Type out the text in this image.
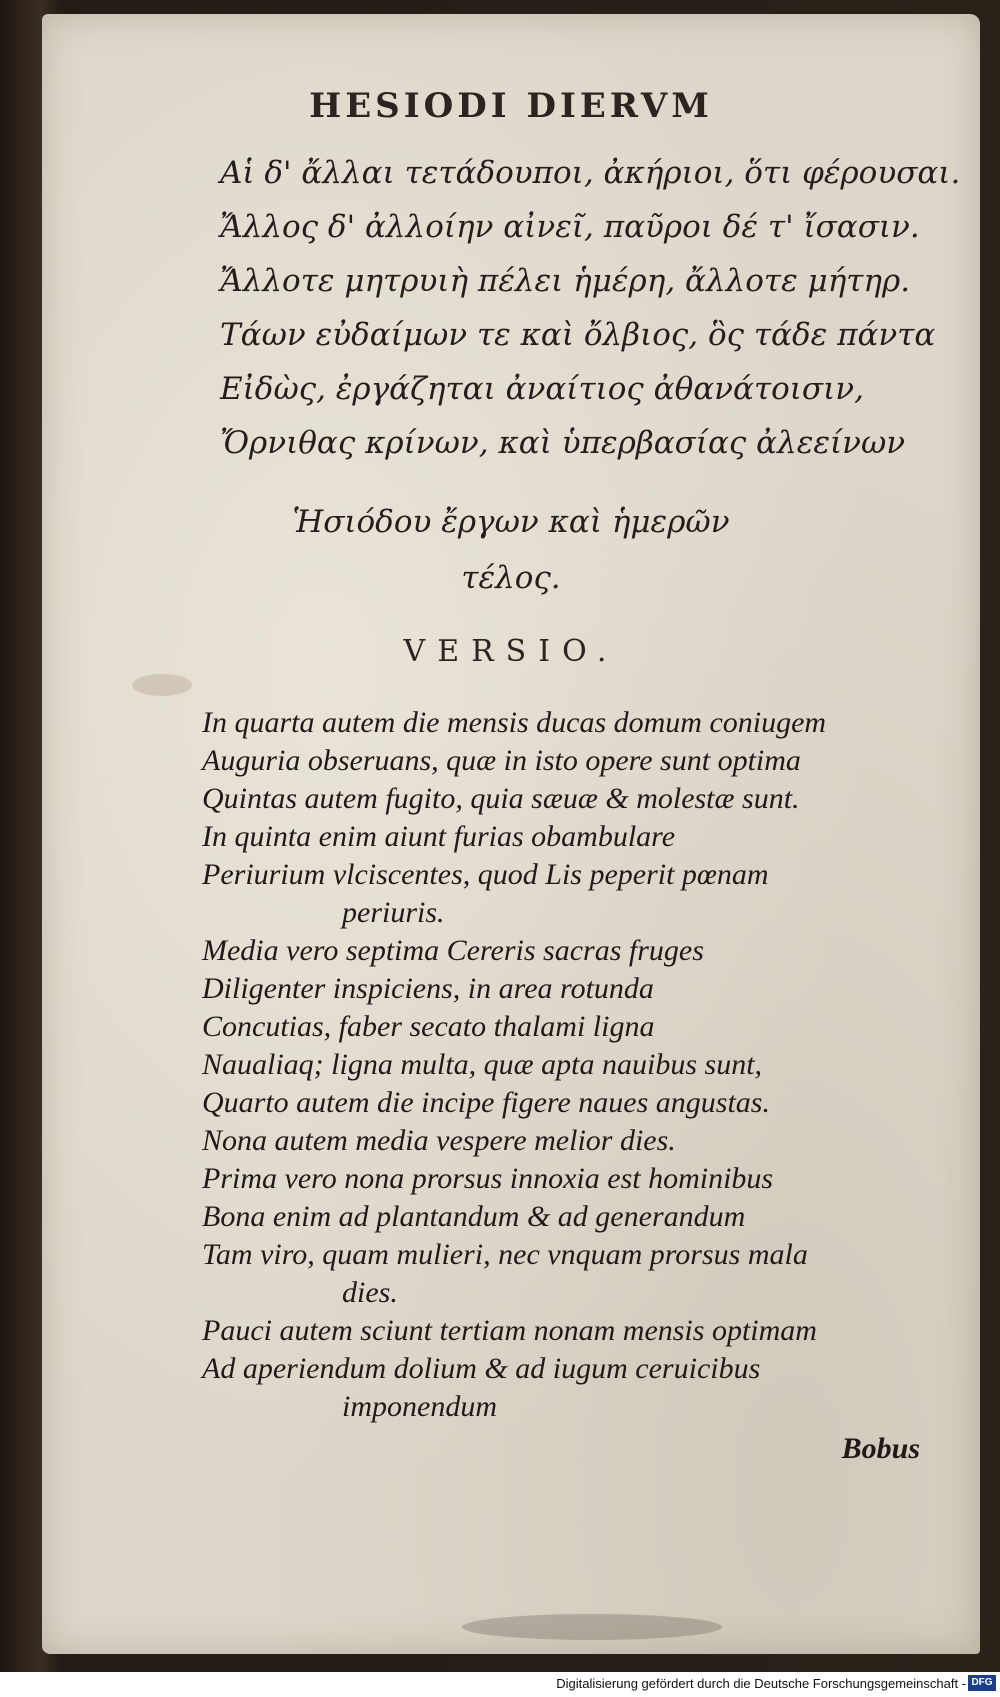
HESIODI DIERVM
Αἱ δ' ἄλλαι τετάδουποι, ἀκήριοι, ὅτι φέρουσαι.
Ἄλλος δ' ἀλλοίην αἰνεῖ, παῦροι δέ τ' ἴσασιν.
Ἄλλοτε μητρυιὴ πέλει ἡμέρη, ἄλλοτε μήτηρ.
Τάων εὐδαίμων τε καὶ ὄλβιος, ὃς τάδε πάντα
Εἰδὼς, ἐργάζηται ἀναίτιος ἀθανάτοισιν,
Ὄρνιθας κρίνων, καὶ ὑπερβασίας ἀλεείνων
Ἡσιόδου ἔργων καὶ ἡμερῶν
τέλος.
VERSIO.
In quarta autem die mensis ducas domum coniugem
Auguria obseruans, quæ in isto opere sunt optima
Quintas autem fugito, quia sæuæ & molestæ sunt.
In quinta enim aiunt furias obambulare
Periurium vlciscentes, quod Lis peperit pœnam
periuris.
Media vero septima Cereris sacras fruges
Diligenter inspiciens, in area rotunda
Concutias, faber secato thalami ligna
Naualiaq; ligna multa, quæ apta nauibus sunt,
Quarto autem die incipe figere naues angustas.
Nona autem media vespere melior dies.
Prima vero nona prorsus innoxia est hominibus
Bona enim ad plantandum & ad generandum
Tam viro, quam mulieri, nec vnquam prorsus mala
dies.
Pauci autem sciunt tertiam nonam mensis optimam
Ad aperiendum dolium & ad iugum ceruicibus
imponendum
Bobus
Digitalisierung gefördert durch die Deutsche Forschungsgemeinschaft - DFG
